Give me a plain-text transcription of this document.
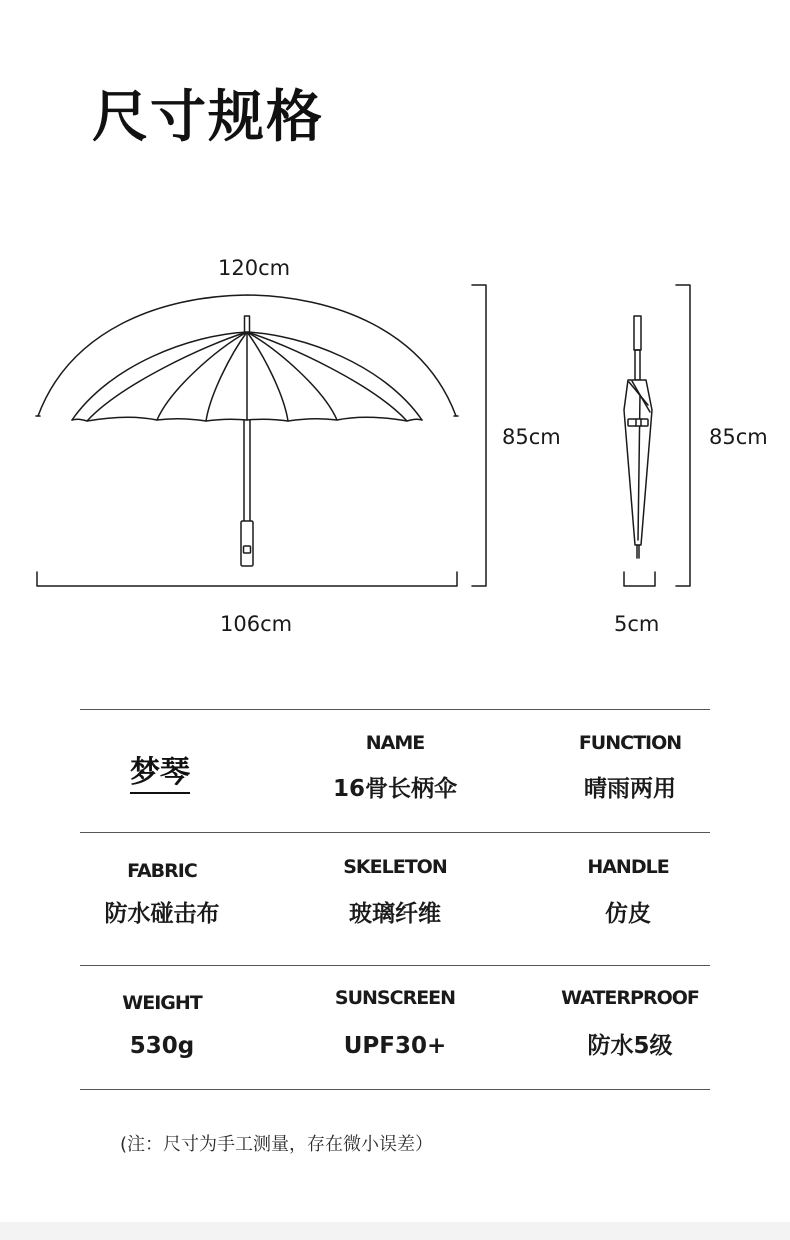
尺寸规格
120cm
106cm
85cm	85cm
5cm
梦琴
NAME
16骨长柄伞
FUNCTION
晴雨两用
FABRIC
防水碰击布
SKELETON
玻璃纤维
HANDLE
仿皮
WEIGHT
530g
SUNSCREEN
UPF30+
WATERPROOF
防水5级
(注：尺寸为手工测量，存在微小误差）
